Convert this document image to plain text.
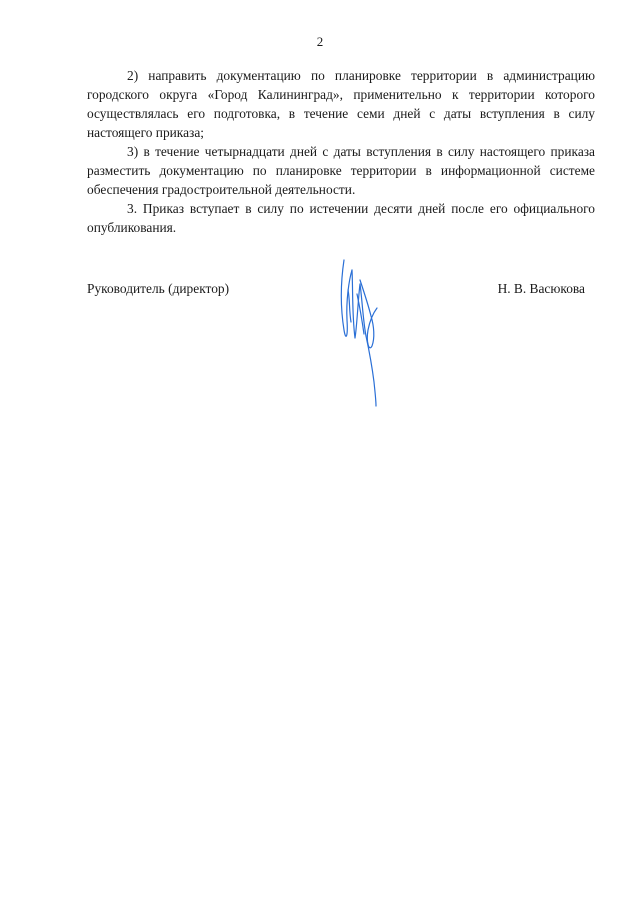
2

2) направить документацию по планировке территории в администрацию городского округа «Город Калининград», применительно к территории которого осуществлялась его подготовка, в течение семи дней с даты вступления в силу настоящего приказа;

3) в течение четырнадцати дней с даты вступления в силу настоящего приказа разместить документацию по планировке территории в информационной системе обеспечения градостроительной деятельности.

3. Приказ вступает в силу по истечении десяти дней после его официального опубликования.

Руководитель (директор)	Н. В. Васюкова
